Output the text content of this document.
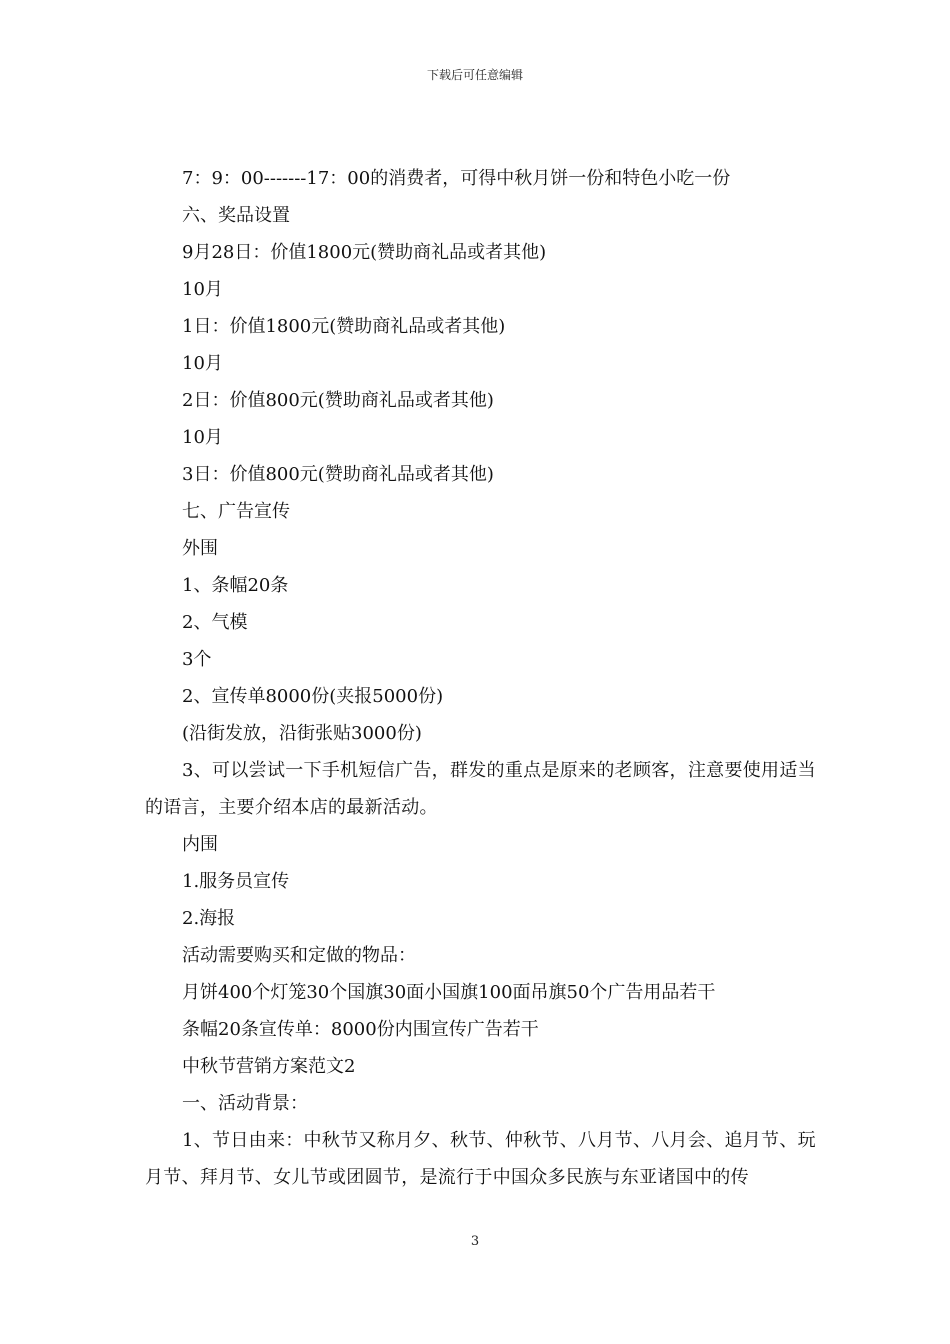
下载后可任意编辑

7：9：00-------17：00的消费者，可得中秋月饼一份和特色小吃一份

六、奖品设置

9月28日：价值1800元(赞助商礼品或者其他)

10月

1日：价值1800元(赞助商礼品或者其他)

10月

2日：价值800元(赞助商礼品或者其他)

10月

3日：价值800元(赞助商礼品或者其他)

七、广告宣传

外围

1、条幅20条

2、气模

3个

2、宣传单8000份(夹报5000份)

(沿街发放，沿街张贴3000份)

3、可以尝试一下手机短信广告，群发的重点是原来的老顾客，注意要使用适当的语言，主要介绍本店的最新活动。

内围

1.服务员宣传

2.海报

活动需要购买和定做的物品：

月饼400个灯笼30个国旗30面小国旗100面吊旗50个广告用品若干

条幅20条宣传单：8000份内围宣传广告若干

中秋节营销方案范文2

一、活动背景：

1、节日由来：中秋节又称月夕、秋节、仲秋节、八月节、八月会、追月节、玩月节、拜月节、女儿节或团圆节，是流行于中国众多民族与东亚诸国中的传

3
